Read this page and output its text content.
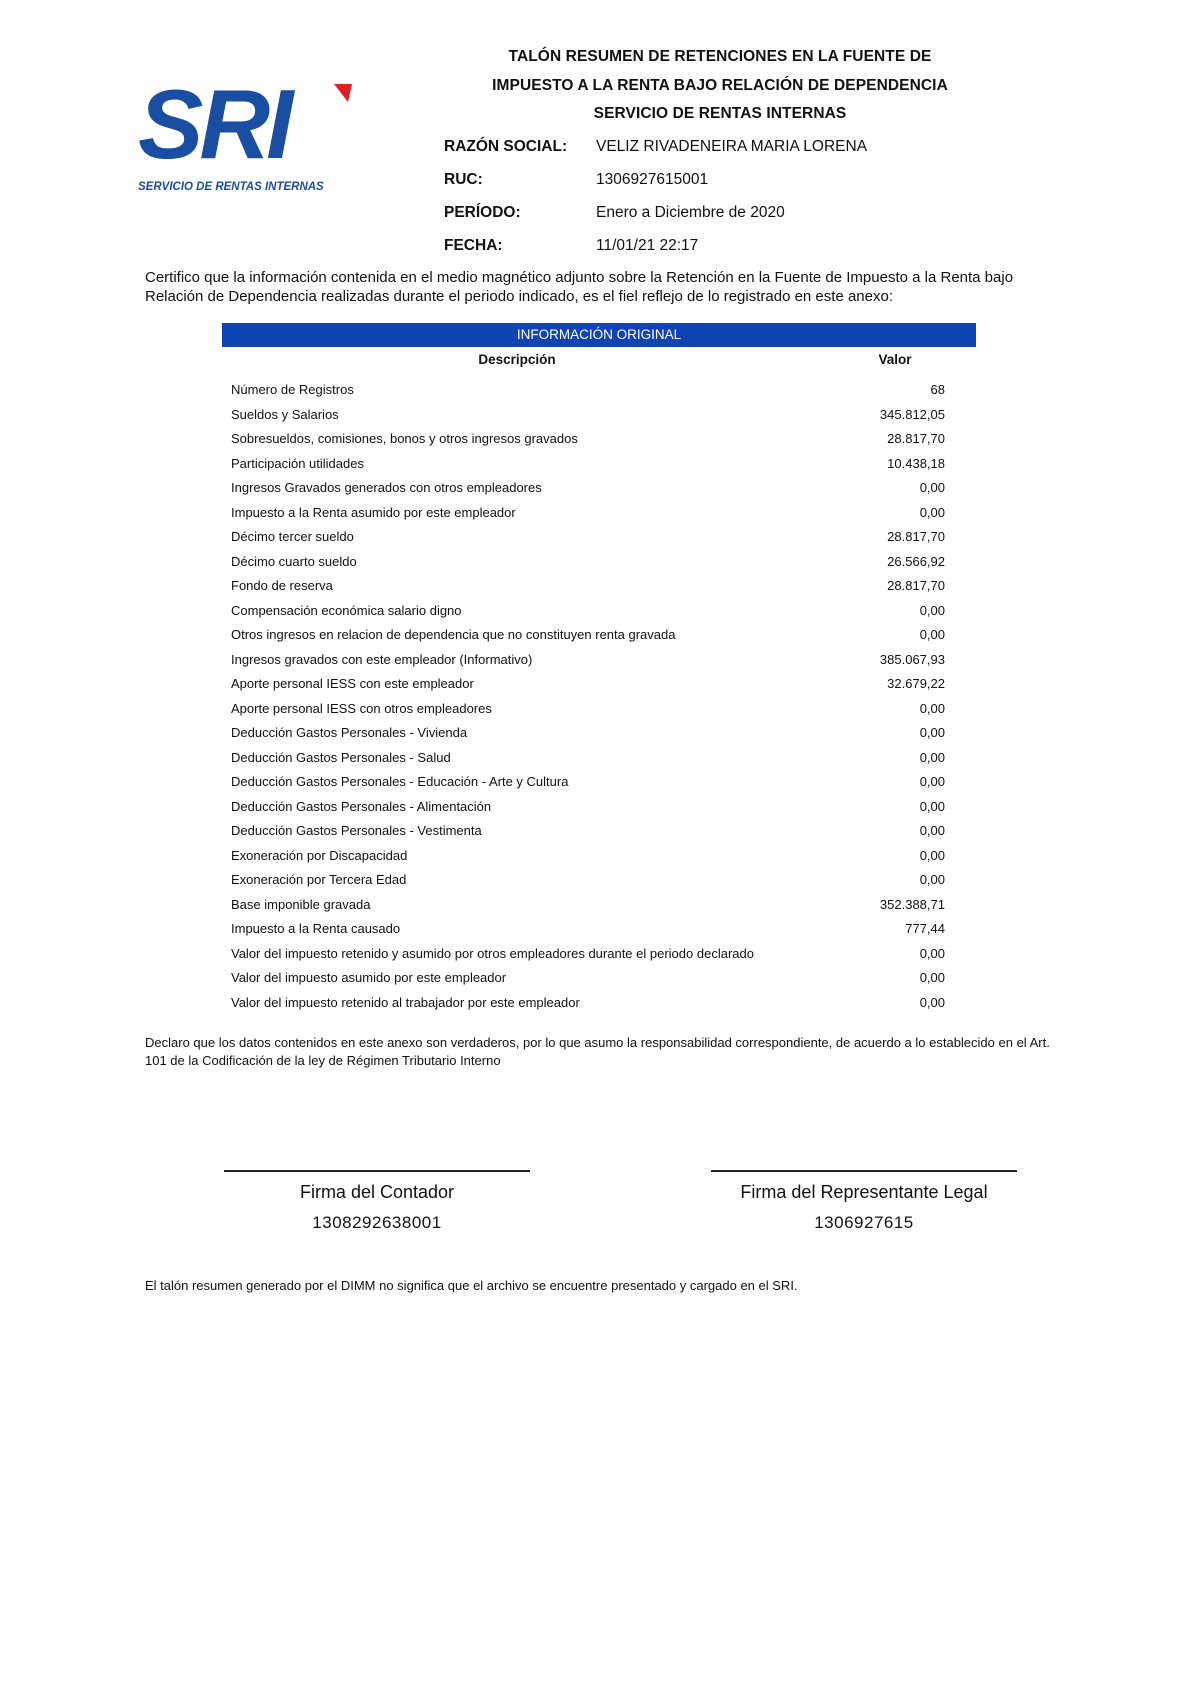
SRI
SERVICIO DE RENTAS INTERNAS
TALÓN RESUMEN DE RETENCIONES EN LA FUENTE DE
IMPUESTO A LA RENTA BAJO RELACIÓN DE DEPENDENCIA
SERVICIO DE RENTAS INTERNAS
RAZÓN SOCIAL: VELIZ RIVADENEIRA MARIA LORENA
RUC:	1306927615001
PERÍODO:	Enero a Diciembre de 2020
FECHA:	11/01/21 22:17
Certifico que la información contenida en el medio magnético adjunto sobre la Retención en la Fuente de Impuesto a la Renta bajo Relación de Dependencia realizadas durante el periodo indicado, es el fiel reflejo de lo registrado en este anexo:
INFORMACIÓN ORIGINAL
Descripción	Valor
Número de Registros	68
Sueldos y Salarios	345.812,05
Sobresueldos, comisiones, bonos y otros ingresos gravados	28.817,70
Participación utilidades	10.438,18
Ingresos Gravados generados con otros empleadores	0,00
Impuesto a la Renta asumido por este empleador	0,00
Décimo tercer sueldo	28.817,70
Décimo cuarto sueldo	26.566,92
Fondo de reserva	28.817,70
Compensación económica salario digno	0,00
Otros ingresos en relacion de dependencia que no constituyen renta gravada	0,00
Ingresos gravados con este empleador (Informativo)	385.067,93
Aporte personal IESS con este empleador	32.679,22
Aporte personal IESS con otros empleadores	0,00
Deducción Gastos Personales - Vivienda	0,00
Deducción Gastos Personales - Salud	0,00
Deducción Gastos Personales - Educación - Arte y Cultura	0,00
Deducción Gastos Personales - Alimentación	0,00
Deducción Gastos Personales - Vestimenta	0,00
Exoneración por Discapacidad	0,00
Exoneración por Tercera Edad	0,00
Base imponible gravada	352.388,71
Impuesto a la Renta causado	777,44
Valor del impuesto retenido y asumido por otros empleadores durante el periodo declarado	0,00
Valor del impuesto asumido por este empleador	0,00
Valor del impuesto retenido al trabajador por este empleador	0,00
Declaro que los datos contenidos en este anexo son verdaderos, por lo que asumo la responsabilidad correspondiente, de acuerdo a lo establecido en el Art. 101 de la Codificación de la ley de Régimen Tributario Interno
Firma del Contador
1308292638001
Firma del Representante Legal
1306927615
El talón resumen generado por el DIMM no significa que el archivo se encuentre presentado y cargado en el SRI.
